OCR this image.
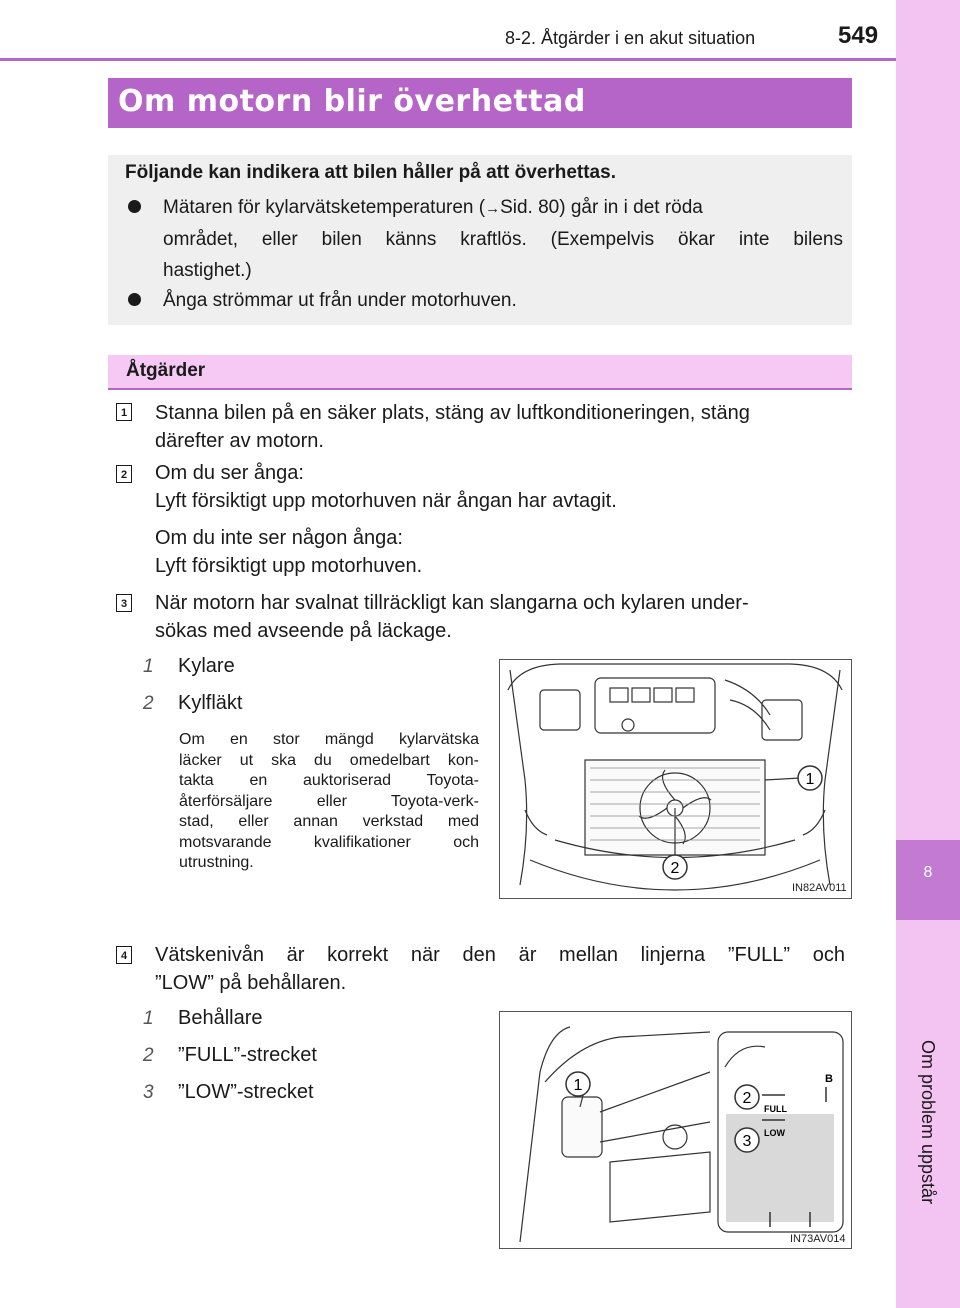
8-2. Åtgärder i en akut situation	549
8
Om problem uppstår
Om motorn blir överhettad
Följande kan indikera att bilen håller på att överhettas.
Mätaren för kylarvätsketemperaturen (→Sid. 80) går in i det röda
området, eller bilen känns kraftlös. (Exempelvis ökar inte bilens
hastighet.)
Ånga strömmar ut från under motorhuven.
Åtgärder
1 Stanna bilen på en säker plats, stäng av luftkonditioneringen, stäng
därefter av motorn.
2 Om du ser ånga:
Lyft försiktigt upp motorhuven när ångan har avtagit.
Om du inte ser någon ånga:
Lyft försiktigt upp motorhuven.
3 När motorn har svalnat tillräckligt kan slangarna och kylaren under-
sökas med avseende på läckage.
1 Kylare
2 Kylfläkt
Om en stor mängd kylarvätska
läcker ut ska du omedelbart kon-
takta en auktoriserad Toyota-
återförsäljare eller Toyota-verk-
stad, eller annan verkstad med
motsvarande kvalifikationer och
utrustning.
1
2
IN82AV011
4 Vätskenivån är korrekt när den är mellan linjerna ”FULL” och
”LOW” på behållaren.
1 Behållare
2 ”FULL”-strecket
3 ”LOW”-strecket
B
FULL
LOW
1
2
3
IN73AV014
